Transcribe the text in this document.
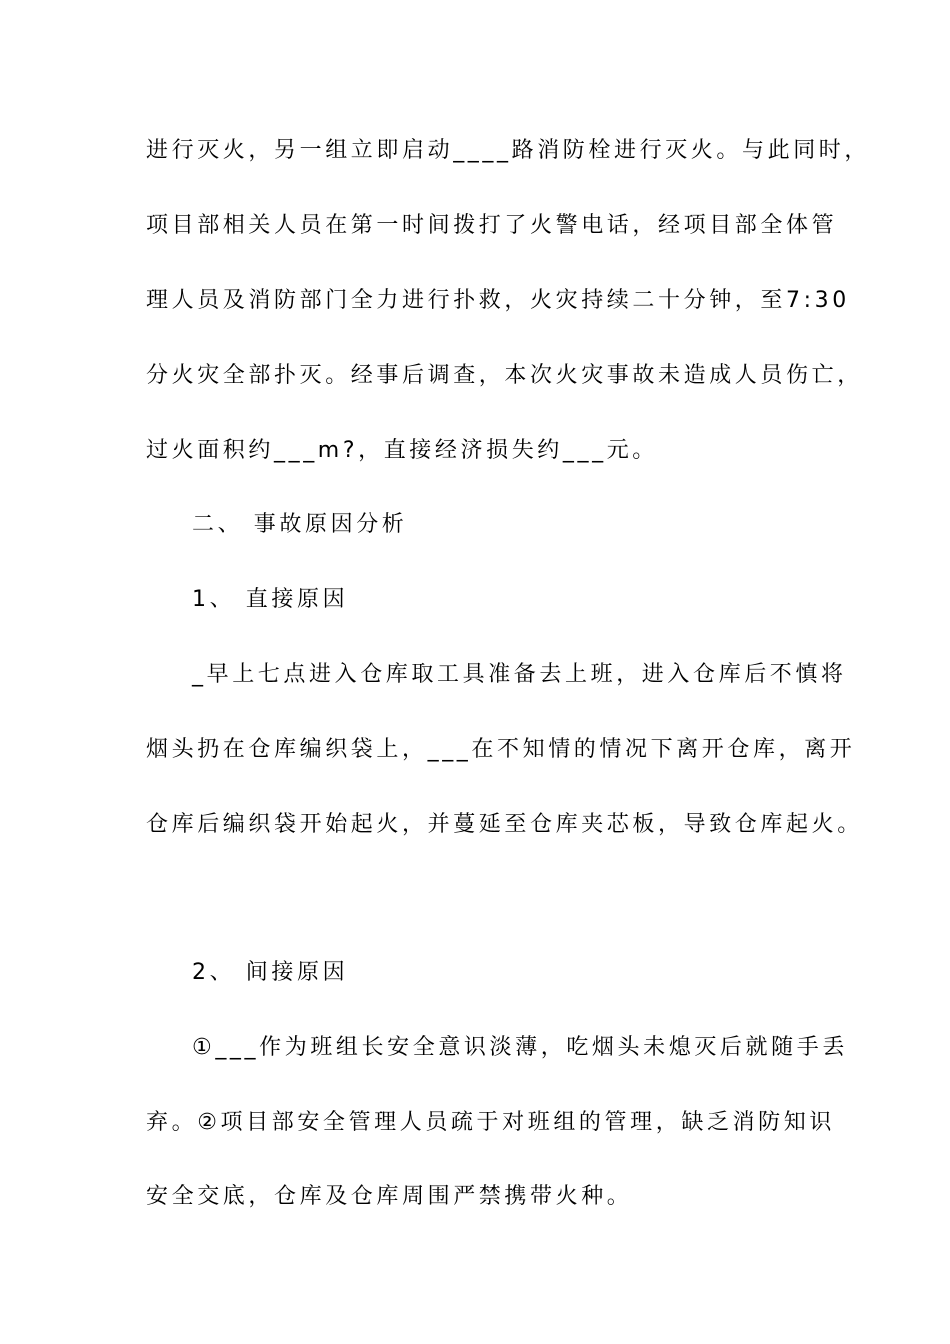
进行灭火，另一组立即启动____路消防栓进行灭火。与此同时，
项目部相关人员在第一时间拨打了火警电话，经项目部全体管
理人员及消防部门全力进行扑救，火灾持续二十分钟，至7:30
分火灾全部扑灭。经事后调查，本次火灾事故未造成人员伤亡，
过火面积约___m?，直接经济损失约___元。
二、 事故原因分析
1、 直接原因
_早上七点进入仓库取工具准备去上班，进入仓库后不慎将
烟头扔在仓库编织袋上，___在不知情的情况下离开仓库，离开
仓库后编织袋开始起火，并蔓延至仓库夹芯板，导致仓库起火。
2、 间接原因
①___作为班组长安全意识淡薄，吃烟头未熄灭后就随手丢
弃。②项目部安全管理人员疏于对班组的管理，缺乏消防知识
安全交底，仓库及仓库周围严禁携带火种。
